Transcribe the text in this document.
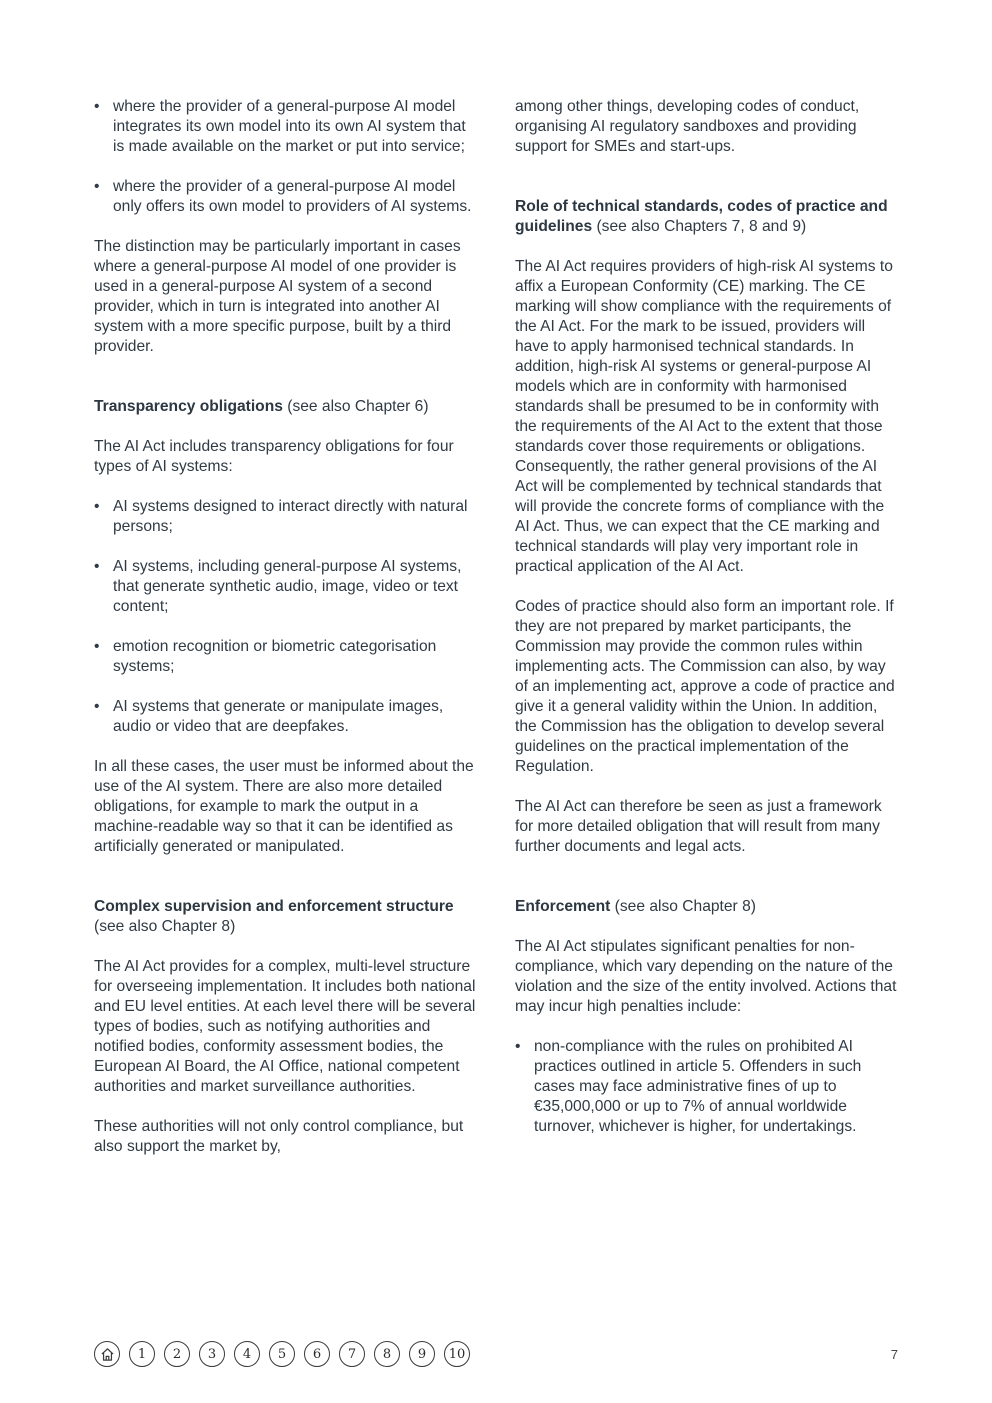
• where the provider of a general-purpose AI model integrates its own model into its own AI system that is made available on the market or put into service;
• where the provider of a general-purpose AI model only offers its own model to providers of AI systems.

The distinction may be particularly important in cases where a general-purpose AI model of one provider is used in a general-purpose AI system of a second provider, which in turn is integrated into another AI system with a more specific purpose, built by a third provider.

Transparency obligations (see also Chapter 6)

The AI Act includes transparency obligations for four types of AI systems:

• AI systems designed to interact directly with natural persons;
• AI systems, including general-purpose AI systems, that generate synthetic audio, image, video or text content;
• emotion recognition or biometric categorisation systems;
• AI systems that generate or manipulate images, audio or video that are deepfakes.

In all these cases, the user must be informed about the use of the AI system. There are also more detailed obligations, for example to mark the output in a machine-readable way so that it can be identified as artificially generated or manipulated.

Complex supervision and enforcement structure (see also Chapter 8)

The AI Act provides for a complex, multi-level structure for overseeing implementation. It includes both national and EU level entities. At each level there will be several types of bodies, such as notifying authorities and notified bodies, conformity assessment bodies, the European AI Board, the AI Office, national competent authorities and market surveillance authorities.

These authorities will not only control compliance, but also support the market by,

among other things, developing codes of conduct, organising AI regulatory sandboxes and providing support for SMEs and start-ups.

Role of technical standards, codes of practice and guidelines (see also Chapters 7, 8 and 9)

The AI Act requires providers of high-risk AI systems to affix a European Conformity (CE) marking. The CE marking will show compliance with the requirements of the AI Act. For the mark to be issued, providers will have to apply harmonised technical standards. In addition, high-risk AI systems or general-purpose AI models which are in conformity with harmonised standards shall be presumed to be in conformity with the requirements of the AI Act to the extent that those standards cover those requirements or obligations. Consequently, the rather general provisions of the AI Act will be complemented by technical standards that will provide the concrete forms of compliance with the AI Act. Thus, we can expect that the CE marking and technical standards will play very important role in practical application of the AI Act.

Codes of practice should also form an important role. If they are not prepared by market participants, the Commission may provide the common rules within implementing acts. The Commission can also, by way of an implementing act, approve a code of practice and give it a general validity within the Union. In addition, the Commission has the obligation to develop several guidelines on the practical implementation of the Regulation.

The AI Act can therefore be seen as just a framework for more detailed obligation that will result from many further documents and legal acts.

Enforcement (see also Chapter 8)

The AI Act stipulates significant penalties for non-compliance, which vary depending on the nature of the violation and the size of the entity involved. Actions that may incur high penalties include:

• non-compliance with the rules on prohibited AI practices outlined in article 5. Offenders in such cases may face administrative fines of up to €35,000,000 or up to 7% of annual worldwide turnover, whichever is higher, for undertakings.
1	2	3	4	5	6	7	8	9	10	7
